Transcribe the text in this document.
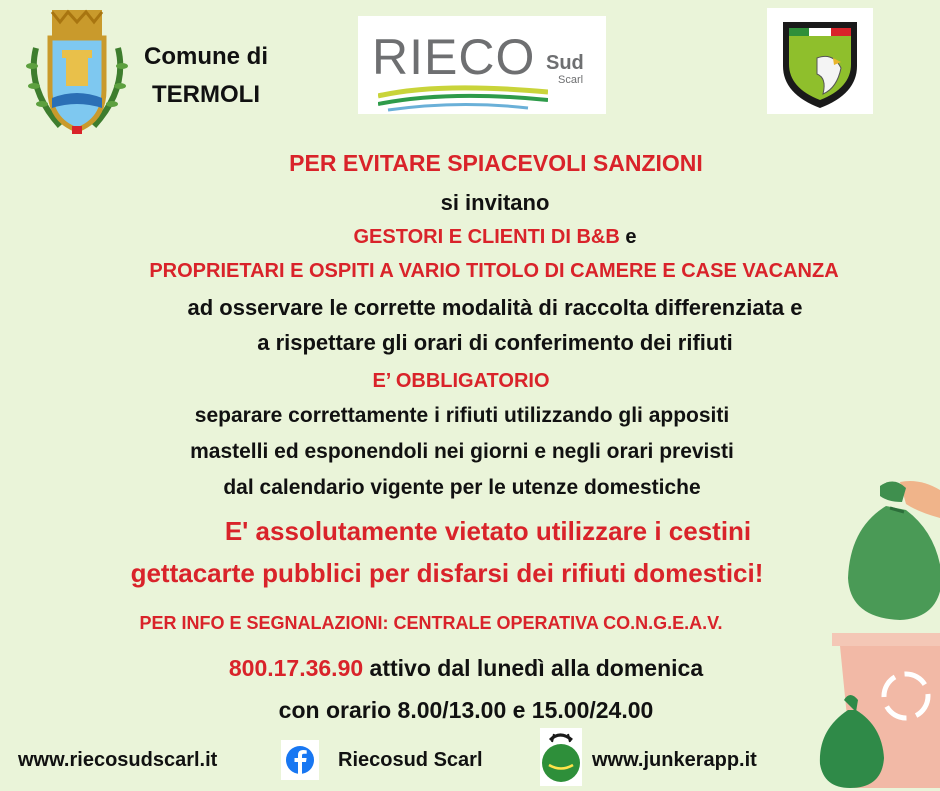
Comune di
TERMOLI
RIECO Sud
Scarl
PER EVITARE SPIACEVOLI SANZIONI
si invitano
GESTORI E CLIENTI DI B&B e
PROPRIETARI E OSPITI A VARIO TITOLO DI CAMERE E CASE VACANZA
ad osservare le corrette modalità di raccolta differenziata e
a rispettare gli orari di conferimento dei rifiuti
E’ OBBLIGATORIO
separare correttamente i rifiuti utilizzando gli appositi
mastelli ed esponendoli nei giorni e negli orari previsti
dal calendario vigente per le utenze domestiche
E' assolutamente vietato utilizzare i cestini
gettacarte pubblici per disfarsi dei rifiuti domestici!
PER INFO E SEGNALAZIONI: CENTRALE OPERATIVA CO.N.G.E.A.V.
800.17.36.90 attivo dal lunedì alla domenica
con orario 8.00/13.00 e 15.00/24.00
www.riecosudscarl.it	Riecosud Scarl	www.junkerapp.it
